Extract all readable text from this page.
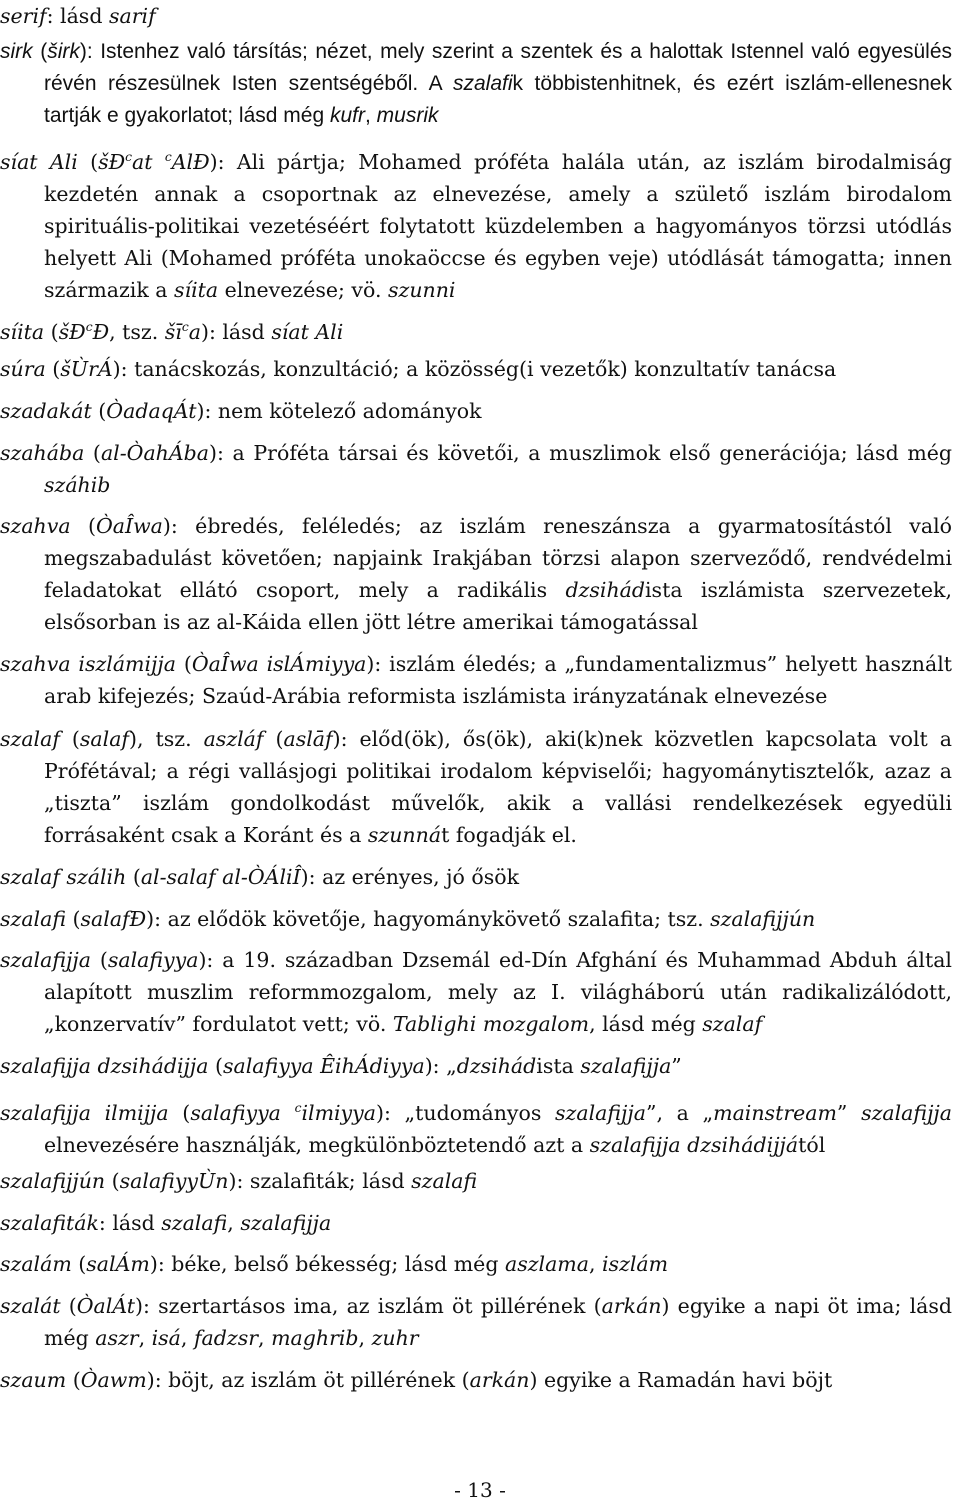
serif: lásd sarif
sirk (širk): Istenhez való társítás; nézet, mely szerint a szentek és a halottak Istennel való egyesülés révén részesülnek Isten szentségéből. A szalafik többistenhitnek, és ezért iszlám-ellenesnek tartják e gyakorlatot; lásd még kufr, musrik
síat Ali ($šĐ^cat$ $^c$AlĐ): Ali pártja; Mohamed próféta halála után, az iszlám birodalmiság kezdetén annak a csoportnak az elnevezése, amely a születő iszlám birodalom spirituális-politikai vezetéséért folytatott küzdelemben a hagyományos törzsi utódlás helyett Ali (Mohamed próféta unokaöccse és egyben veje) utódlását támogatta; innen származik a síita elnevezése; vö. szunni
síita ($šĐ^cĐ$, tsz. $šī^ca$): lásd síat Ali
súra (šÙrÁ): tanácskozás, konzultáció; a közösség(i vezetők) konzultatív tanácsa
szadakát (ÒadaqÁt): nem kötelező adományok
szahába (al-ÒahÁba): a Próféta társai és követői, a muszlimok első generációja; lásd még száhib
szahva (ÒaÎwa): ébredés, feléledés; az iszlám reneszánsza a gyarmatosítástól való megszabadulást követően; napjaink Irakjában törzsi alapon szerveződő, rendvédelmi feladatokat ellátó csoport, mely a radikális dzsihádista iszlámista szervezetek, elsősorban is az al-Káida ellen jött létre amerikai támogatással
szahva iszlámijja (ÒaÎwa islÁmiyya): iszlám éledés; a „fundamentalizmus” helyett használt arab kifejezés; Szaúd-Arábia reformista iszlámista irányzatának elnevezése
szalaf (salaf), tsz. aszláf (aslāf): előd(ök), ős(ök), aki(k)nek közvetlen kapcsolata volt a Prófétával; a régi vallásjogi politikai irodalom képviselői; hagyománytisztelők, azaz a „tiszta” iszlám gondolkodást művelők, akik a vallási rendelkezések egyedüli forrásaként csak a Koránt és a szunnát fogadják el.
szalaf szálih (al-salaf al-ÒÁliÎ): az erényes, jó ősök
szalafi (salafĐ): az elődök követője, hagyománykövető szalafita; tsz. szalafijjún
szalafijja (salafiyya): a 19. században Dzsemál ed-Dín Afghání és Muhammad Abduh által alapított muszlim reformmozgalom, mely az I. világháború után radikalizálódott, „konzervatív” fordulatot vett; vö. Tablighi mozgalom, lásd még szalaf
szalafijja dzsihádijja (salafiyya ÊihÁdiyya): „dzsihádista szalafijja”
szalafijja ilmijja (salafiyya $^c$ilmiyya): „tudományos szalafijja”, a „mainstream” szalafijja elnevezésére használják, megkülönböztetendő azt a szalafijja dzsihádijjától
szalafijjún (salafiyyÙn): szalafiták; lásd szalafi
szalafiták: lásd szalafi, szalafijja
szalám (salÁm): béke, belső békesség; lásd még aszlama, iszlám
szalát (ÒalÁt): szertartásos ima, az iszlám öt pillérének (arkán) egyike a napi öt ima; lásd még aszr, isá, fadzsr, maghrib, zuhr
szaum (Òawm): böjt, az iszlám öt pillérének (arkán) egyike a Ramadán havi böjt
- 13 -
